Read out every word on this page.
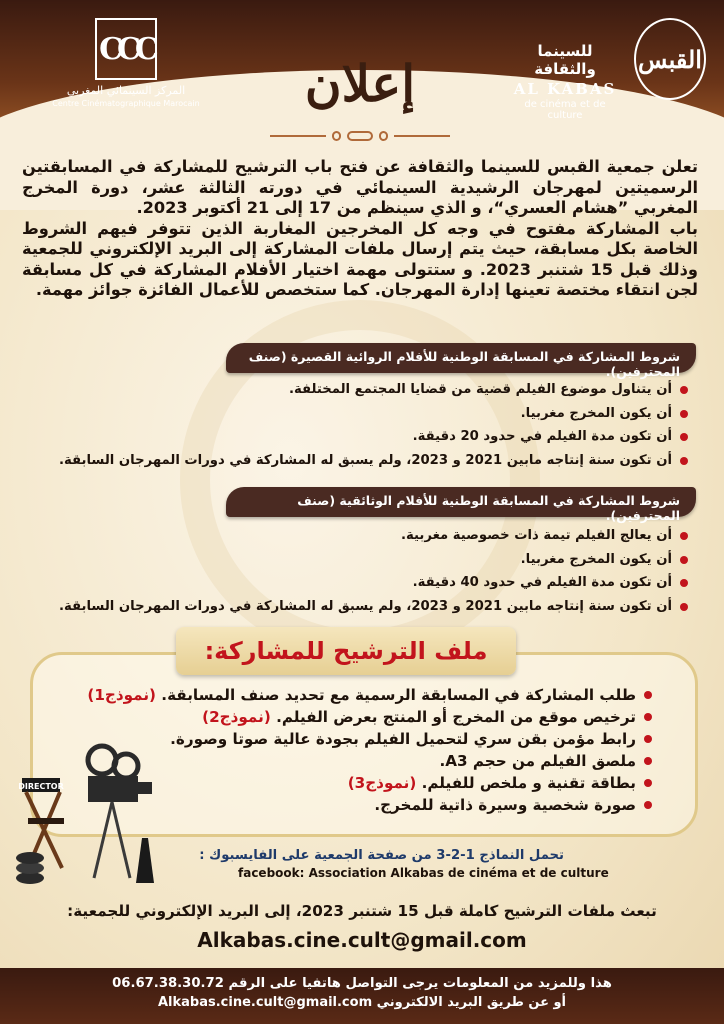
CCC
المركز السينمائي المغربي
Centre Cinématographique Marocain
القبس
للسينما والثقافة
AL KABAS
de cinéma et de culture
إعلان

تعلن جمعية القبس للسينما والثقافة عن فتح باب الترشيح للمشاركة في المسابقتين الرسميتين لمهرجان الرشيدية السينمائي في دورته الثالثة عشر، دورة المخرج المغربي ”هشام العسري“، و الذي سينظم من 17 إلى 21 أكتوبر 2023.

باب المشاركة مفتوح في وجه كل المخرجين المغاربة الذين تتوفر فيهم الشروط الخاصة بكل مسابقة، حيث يتم إرسال ملفات المشاركة إلى البريد الإلكتروني للجمعية وذلك قبل 15 شتنبر 2023. و ستتولى مهمة اختيار الأفلام المشاركة في كل مسابقة لجن انتقاء مختصة تعينها إدارة المهرجان. كما ستخصص للأعمال الفائزة جوائز مهمة.

شروط المشاركة في المسابقة الوطنية للأفلام الروائية القصيرة (صنف المحترفين).
أن يتناول موضوع الفيلم قضية من قضايا المجتمع المختلفة.
أن يكون المخرج مغربيا.
أن تكون مدة الفيلم في حدود 20 دقيقة.
أن تكون سنة إنتاجه مابين 2021 و 2023، ولم يسبق له المشاركة في دورات المهرجان السابقة.
شروط المشاركة في المسابقة الوطنية للأفلام الوثائقية (صنف المحترفين).
أن يعالج الفيلم تيمة ذات خصوصية مغربية.
أن يكون المخرج مغربيا.
أن تكون مدة الفيلم في حدود 40 دقيقة.
أن تكون سنة إنتاجه مابين 2021 و 2023، ولم يسبق له المشاركة في دورات المهرجان السابقة.
ملف الترشيح للمشاركة:
طلب المشاركة في المسابقة الرسمية مع تحديد صنف المسابقة. (نموذج1)
ترخيص موقع من المخرج أو المنتج بعرض الفيلم. (نموذج2)
رابط مؤمن بقن سري لتحميل الفيلم بجودة عالية صوتا وصورة.
ملصق الفيلم من حجم A3.
بطاقة تقنية و ملخص للفيلم. (نموذج3)
صورة شخصية وسيرة ذاتية للمخرج.
DIRECTOR
تحمل النماذج 1-2-3 من صفحة الجمعية على الفايسبوك :
facebook: Association Alkabas de cinéma et de culture
تبعث ملفات الترشيح كاملة قبل 15 شتنبر 2023، إلى البريد الإلكتروني للجمعية:
Alkabas.cine.cult@gmail.com
هذا وللمزيد من المعلومات يرجى التواصل هاتفيا على الرقم 06.67.38.30.72
أو عن طريق البريد الالكتروني Alkabas.cine.cult@gmail.com
